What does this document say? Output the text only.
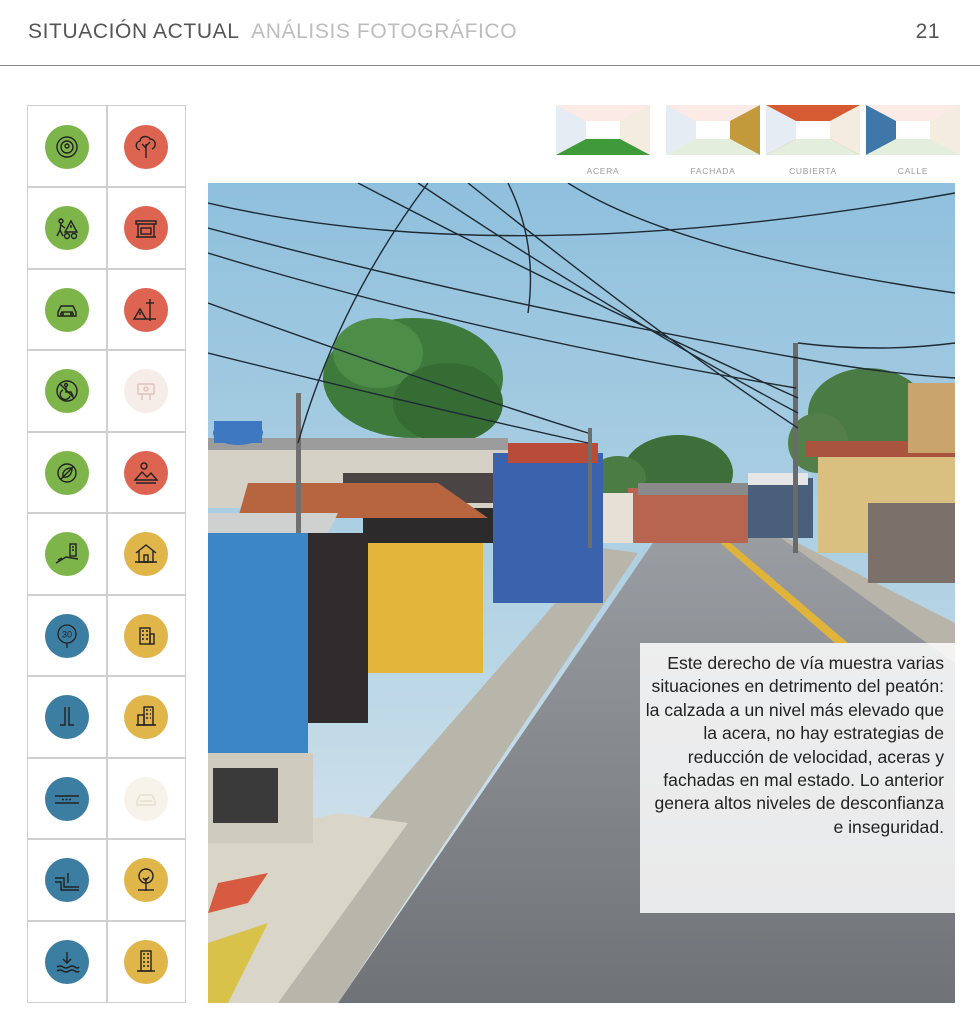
SITUACIÓN ACTUAL ANÁLISIS FOTOGRÁFICO	21
30
ACERA	FACHADA	CUBIERTA	CALLE
Este derecho de vía muestra varias situaciones en detrimento del peatón: la calzada a un nivel más elevado que la acera, no hay estrategias de reducción de velocidad, aceras y fachadas en mal estado. Lo anterior genera altos niveles de desconfianza e inseguridad.
